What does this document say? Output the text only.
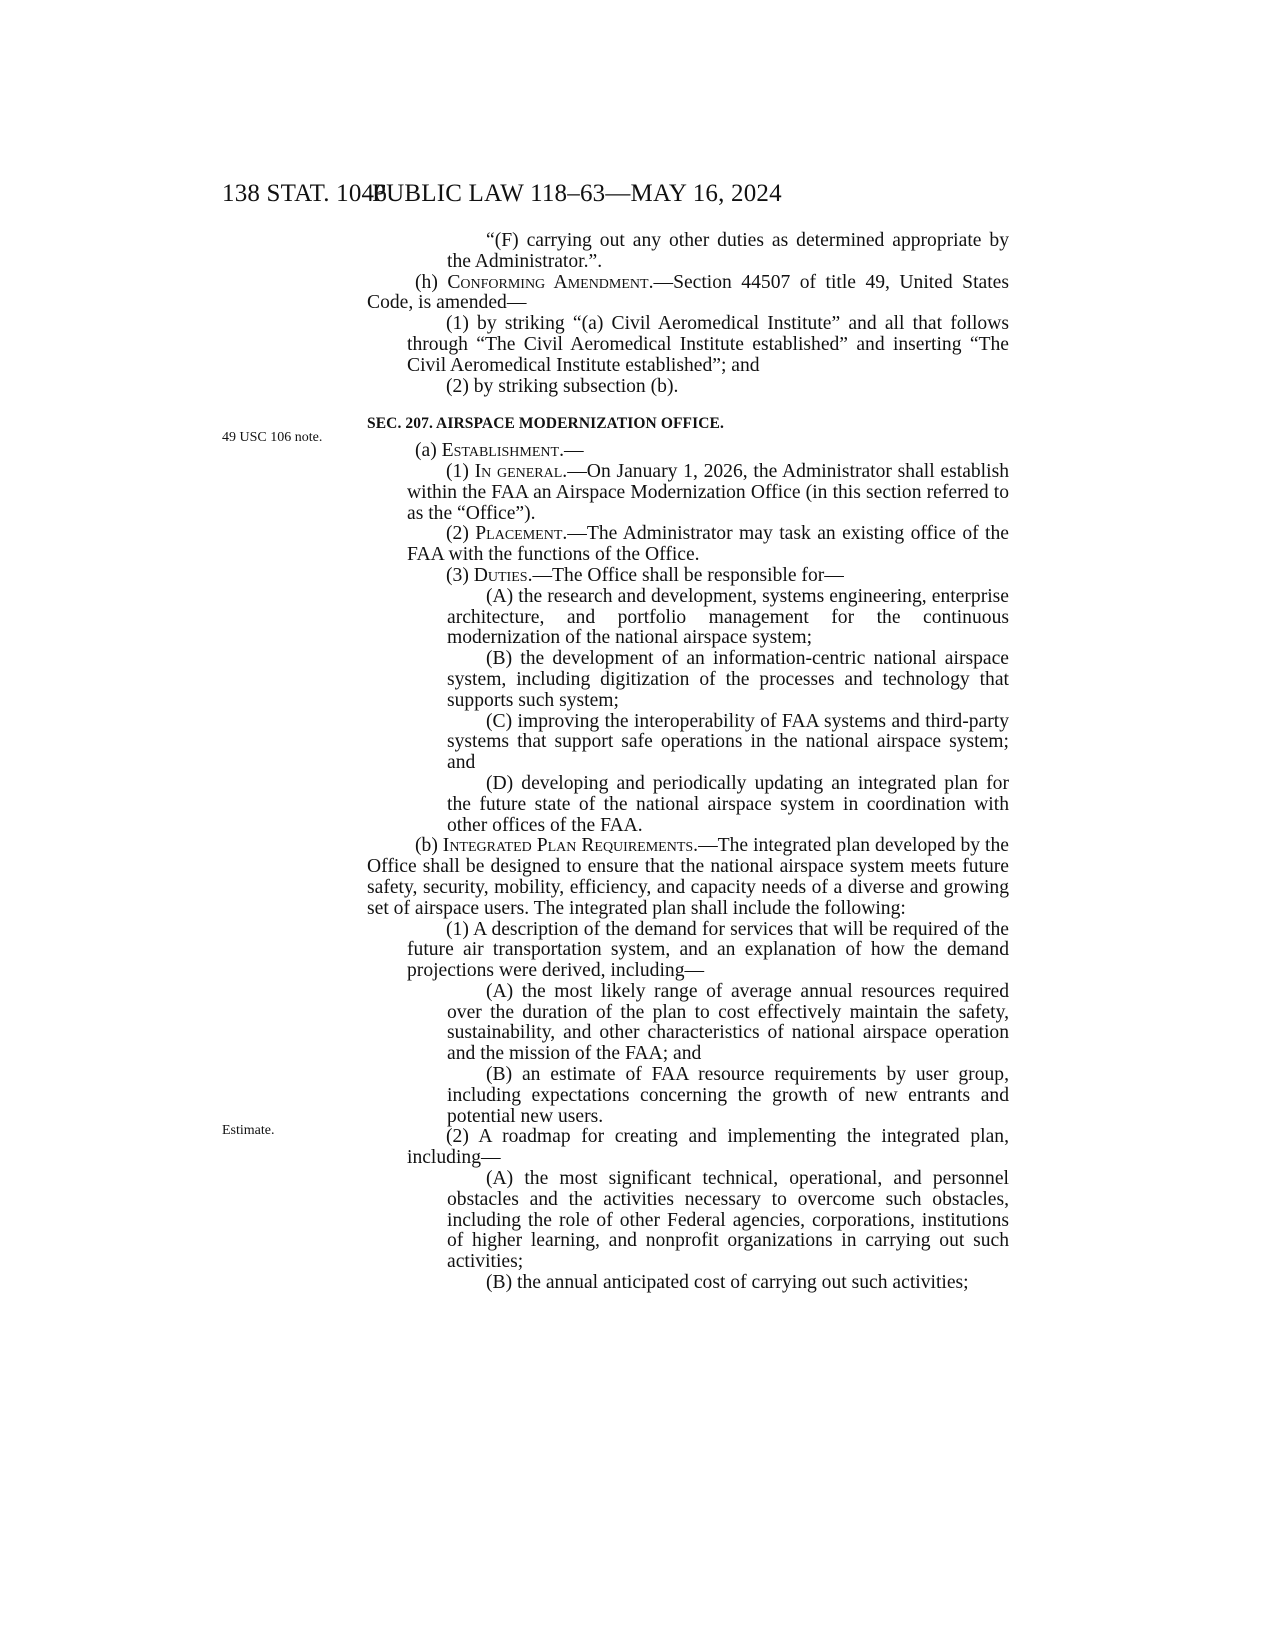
138 STAT. 1046
PUBLIC LAW 118–63—MAY 16, 2024
49 USC 106 note.
Estimate.

“(F) carrying out any other duties as determined appropriate by the Administrator.”.

(h) Conforming Amendment.—Section 44507 of title 49, United States Code, is amended—

(1) by striking “(a) Civil Aeromedical Institute” and all that follows through “The Civil Aeromedical Institute established” and inserting “The Civil Aeromedical Institute established”; and

(2) by striking subsection (b).

SEC. 207. AIRSPACE MODERNIZATION OFFICE.

(a) Establishment.—

(1) In general.—On January 1, 2026, the Administrator shall establish within the FAA an Airspace Modernization Office (in this section referred to as the “Office”).

(2) Placement.—The Administrator may task an existing office of the FAA with the functions of the Office.

(3) Duties.—The Office shall be responsible for—

(A) the research and development, systems engineering, enterprise architecture, and portfolio management for the continuous modernization of the national airspace system;

(B) the development of an information-centric national airspace system, including digitization of the processes and technology that supports such system;

(C) improving the interoperability of FAA systems and third-party systems that support safe operations in the national airspace system; and

(D) developing and periodically updating an integrated plan for the future state of the national airspace system in coordination with other offices of the FAA.

(b) Integrated Plan Requirements.—The integrated plan developed by the Office shall be designed to ensure that the national airspace system meets future safety, security, mobility, efficiency, and capacity needs of a diverse and growing set of airspace users. The integrated plan shall include the following:

(1) A description of the demand for services that will be required of the future air transportation system, and an explanation of how the demand projections were derived, including—

(A) the most likely range of average annual resources required over the duration of the plan to cost effectively maintain the safety, sustainability, and other characteristics of national airspace operation and the mission of the FAA; and

(B) an estimate of FAA resource requirements by user group, including expectations concerning the growth of new entrants and potential new users.

(2) A roadmap for creating and implementing the integrated plan, including—

(A) the most significant technical, operational, and personnel obstacles and the activities necessary to overcome such obstacles, including the role of other Federal agencies, corporations, institutions of higher learning, and nonprofit organizations in carrying out such activities;

(B) the annual anticipated cost of carrying out such activities;
